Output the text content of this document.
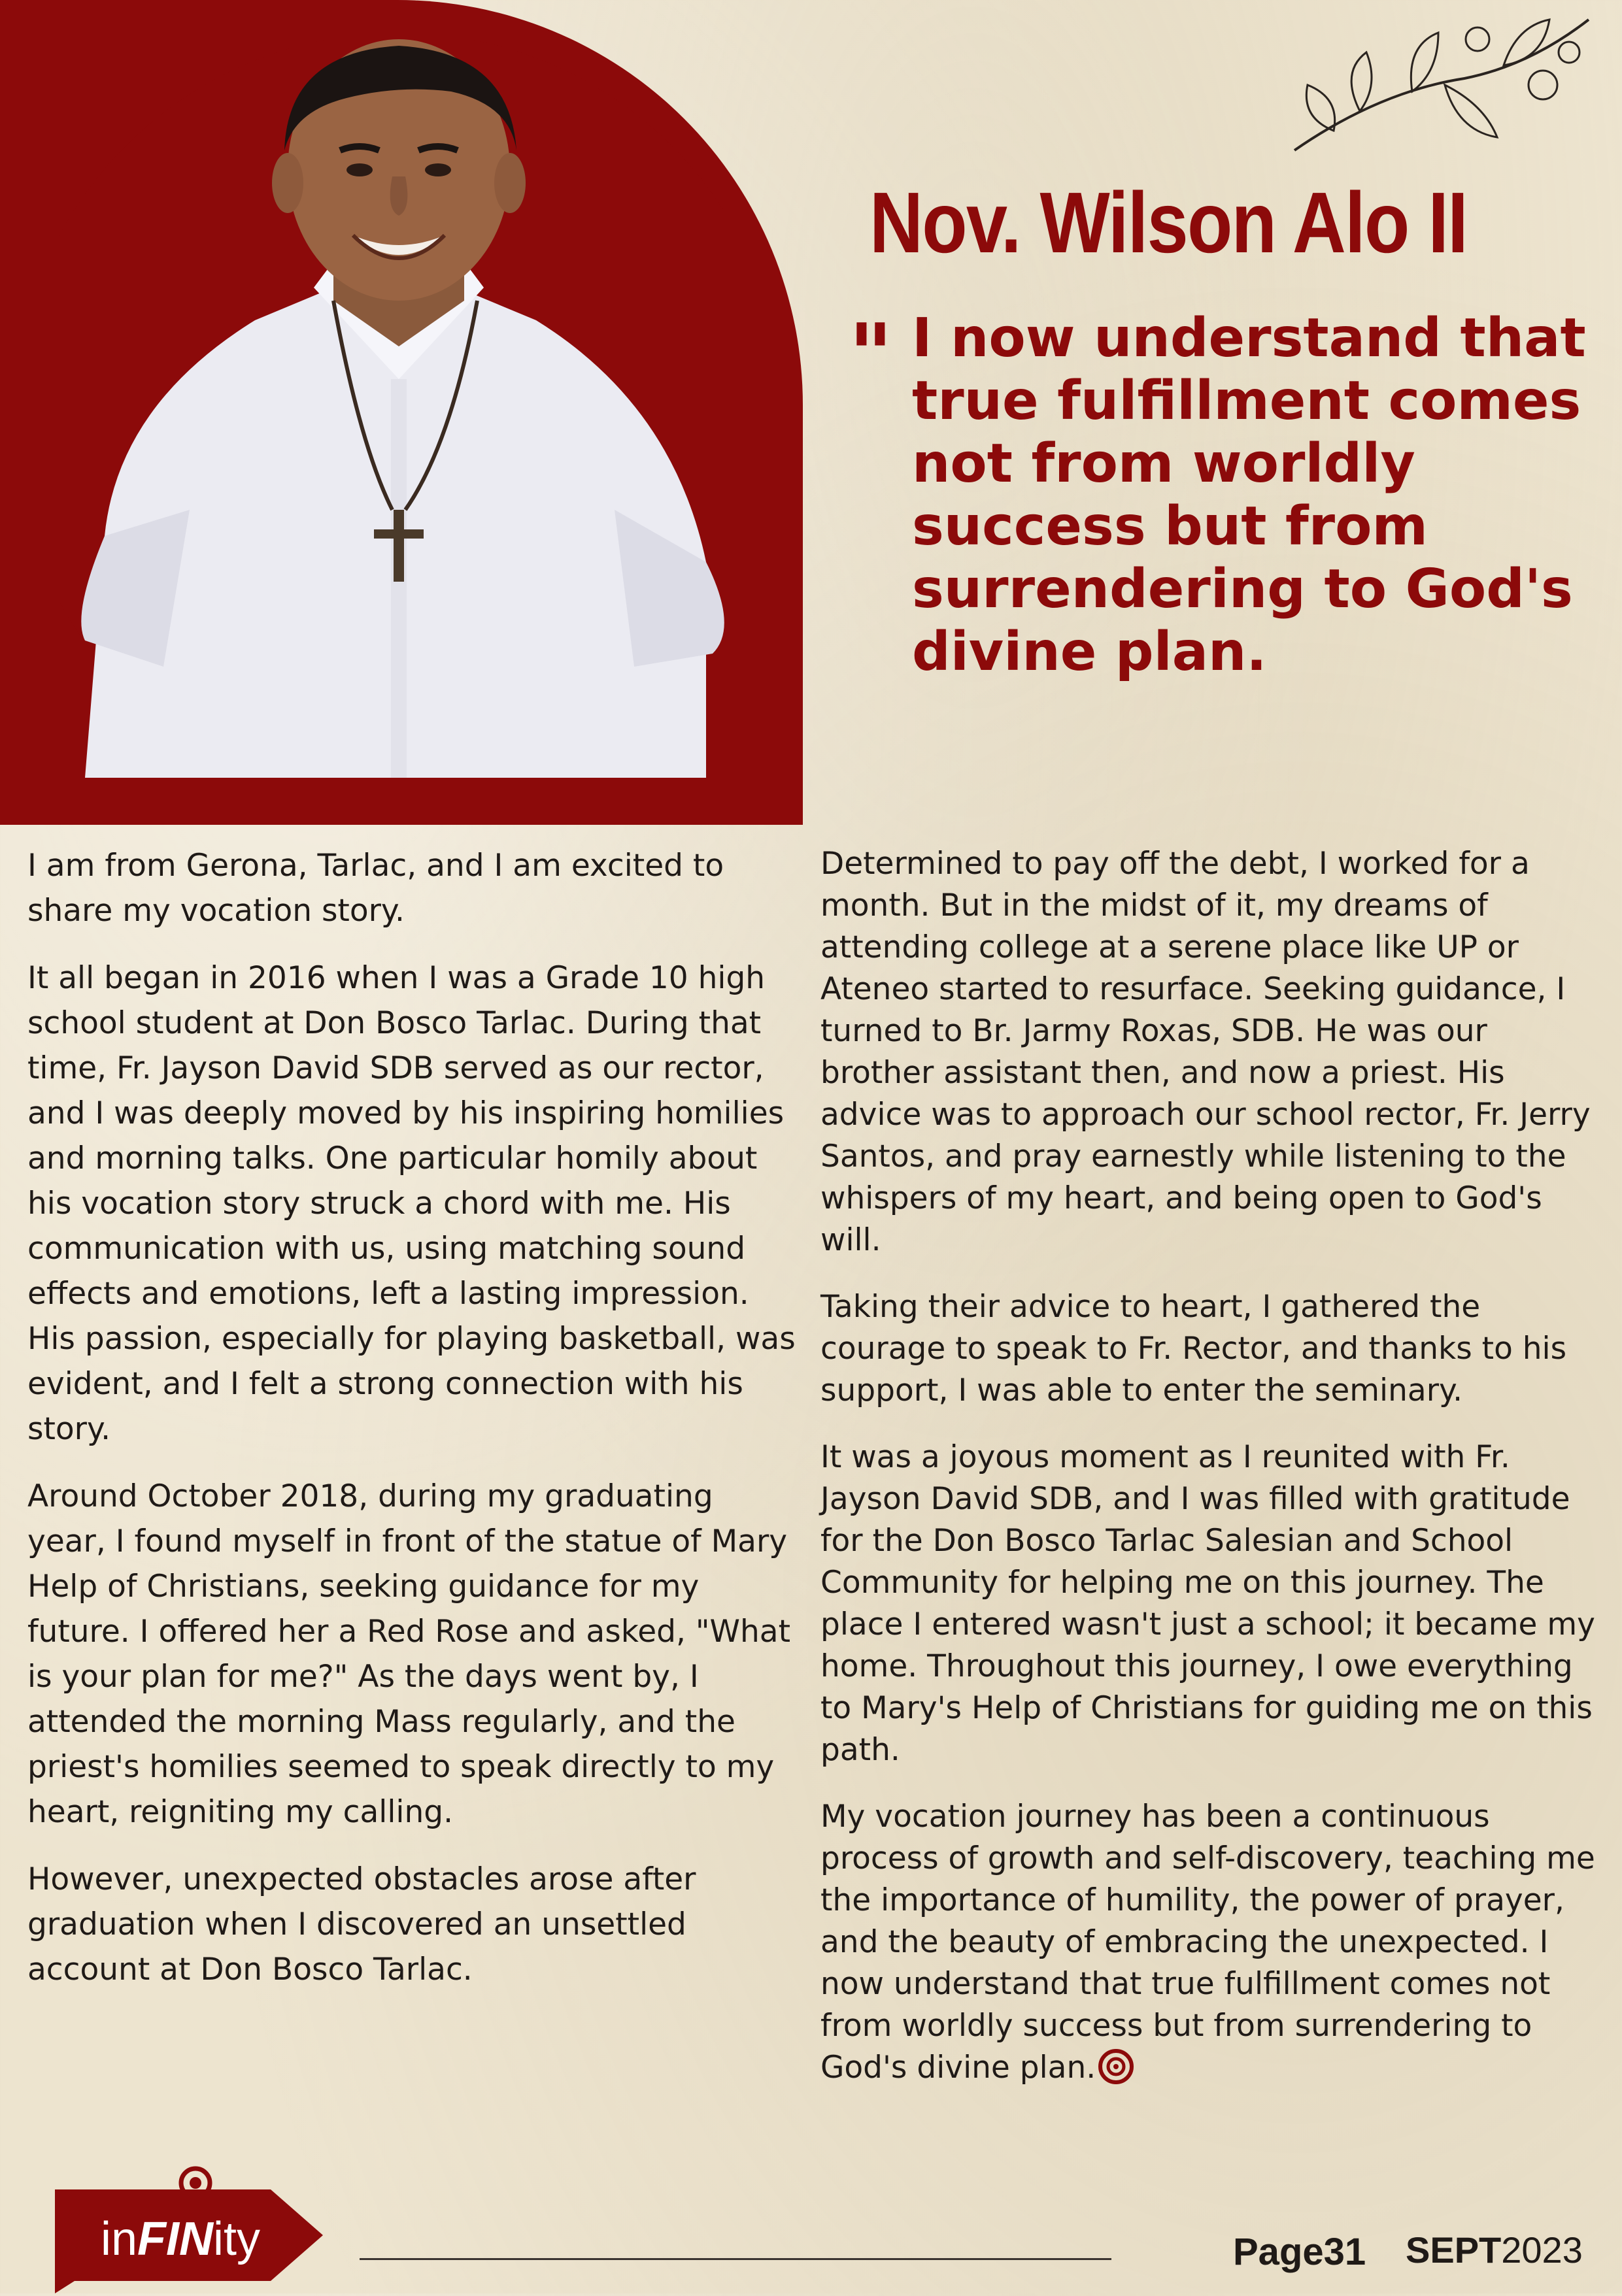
Nov. Wilson Alo II
" I now understand that true fulfillment comes not from worldly success but from surrendering to God's divine plan.

I am from Gerona, Tarlac, and I am excited to share my vocation story.

It all began in 2016 when I was a Grade 10 high school student at Don Bosco Tarlac. During that time, Fr. Jayson David SDB served as our rector, and I was deeply moved by his inspiring homilies and morning talks. One particular homily about his vocation story struck a chord with me. His communication with us, using matching sound effects and emotions, left a lasting impression. His passion, especially for playing basketball, was evident, and I felt a strong connection with his story.

Around October 2018, during my graduating year, I found myself in front of the statue of Mary Help of Christians, seeking guidance for my future. I offered her a Red Rose and asked, "What is your plan for me?" As the days went by, I attended the morning Mass regularly, and the priest's homilies seemed to speak directly to my heart, reigniting my calling.

However, unexpected obstacles arose after graduation when I discovered an unsettled account at Don Bosco Tarlac.

Determined to pay off the debt, I worked for a month. But in the midst of it, my dreams of attending college at a serene place like UP or Ateneo started to resurface. Seeking guidance, I turned to Br. Jarmy Roxas, SDB. He was our brother assistant then, and now a priest. His advice was to approach our school rector, Fr. Jerry Santos, and pray earnestly while listening to the whispers of my heart, and being open to God's will.

Taking their advice to heart, I gathered the courage to speak to Fr. Rector, and thanks to his support, I was able to enter the seminary.

It was a joyous moment as I reunited with Fr. Jayson David SDB, and I was filled with gratitude for the Don Bosco Tarlac Salesian and School Community for helping me on this journey. The place I entered wasn't just a school; it became my home. Throughout this journey, I owe everything to Mary's Help of Christians for guiding me on this path.

My vocation journey has been a continuous process of growth and self-discovery, teaching me the importance of humility, the power of prayer, and the beauty of embracing the unexpected. I now understand that true fulfillment comes not from worldly success but from surrendering to God's divine plan.

inFINity	Page31 SEPT2023
